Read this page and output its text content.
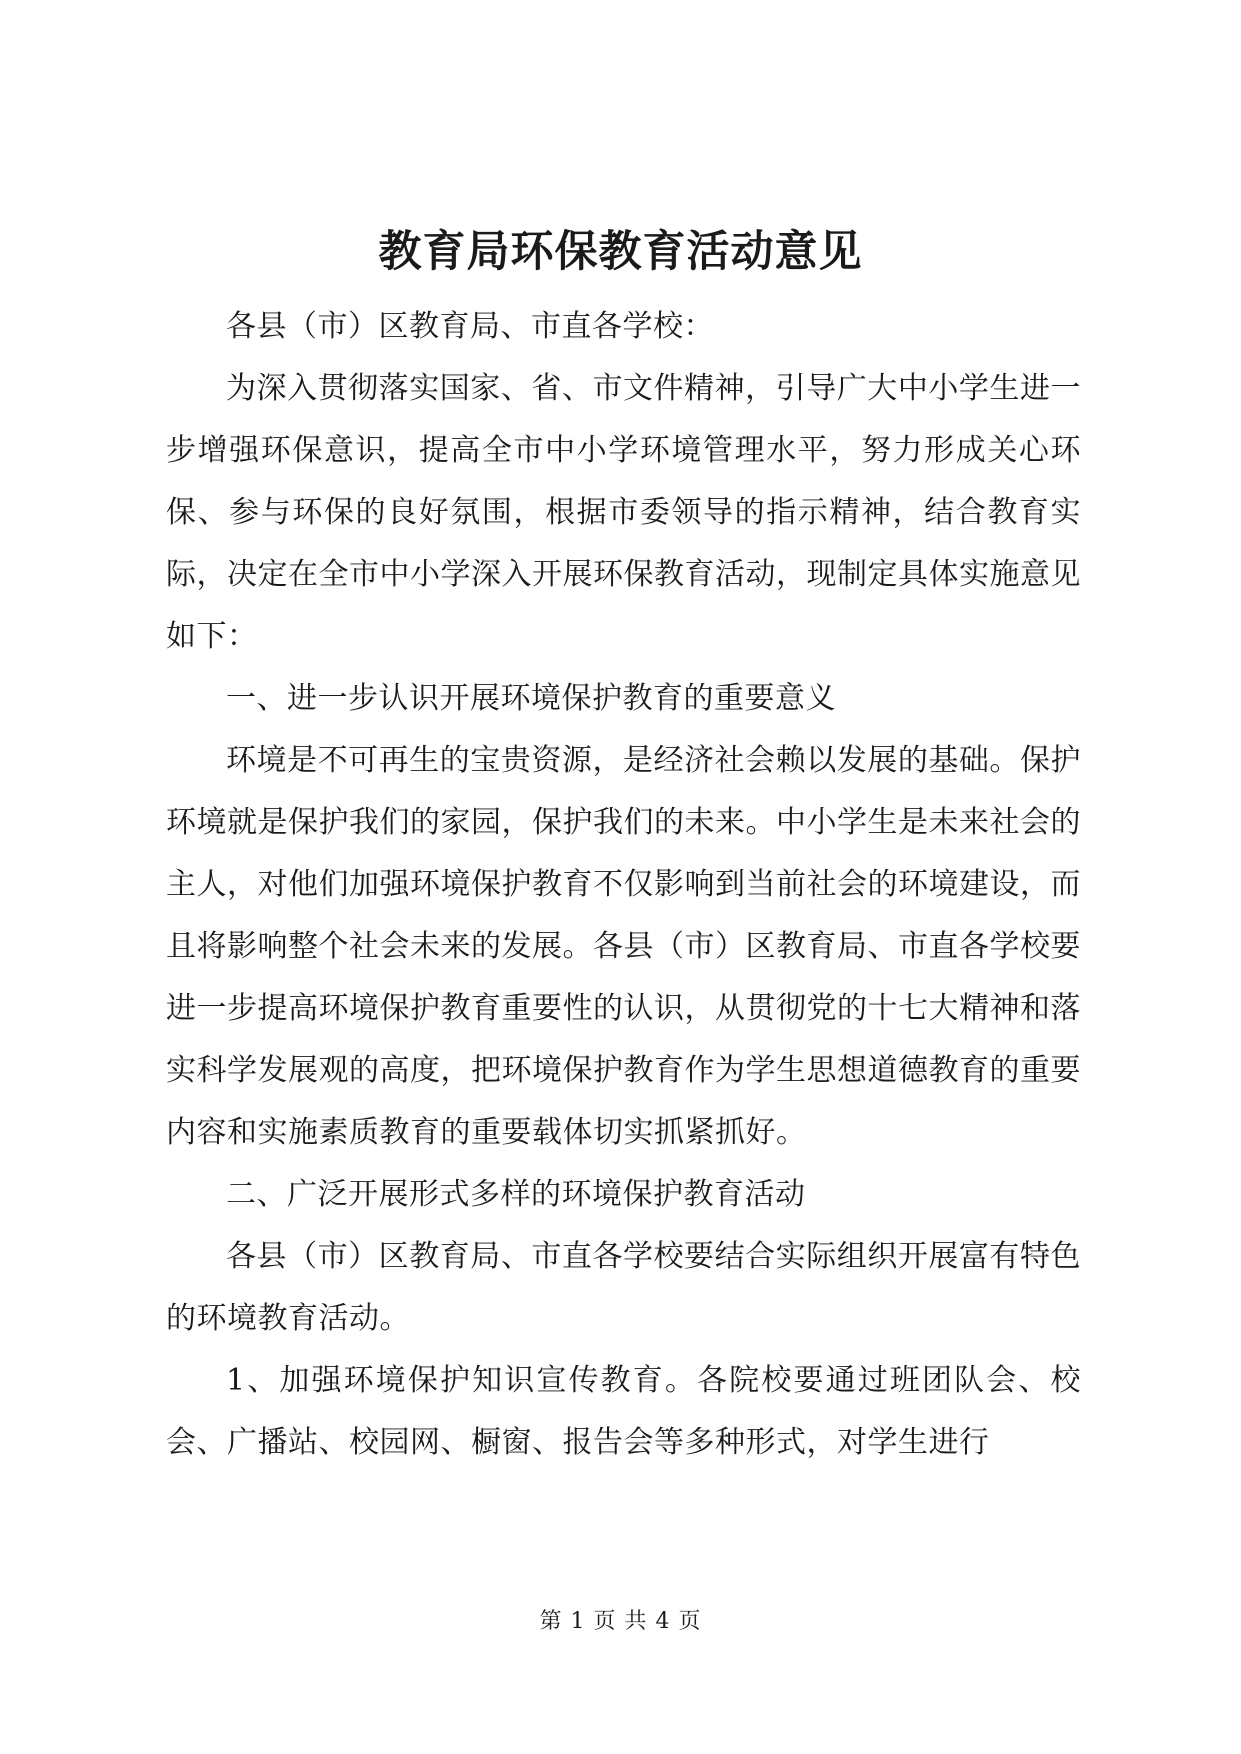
教育局环保教育活动意见

各县（市）区教育局、市直各学校：

为深入贯彻落实国家、省、市文件精神，引导广大中小学生进一步增强环保意识，提高全市中小学环境管理水平，努力形成关心环保、参与环保的良好氛围，根据市委领导的指示精神，结合教育实际，决定在全市中小学深入开展环保教育活动，现制定具体实施意见如下：

一、进一步认识开展环境保护教育的重要意义

环境是不可再生的宝贵资源，是经济社会赖以发展的基础。保护环境就是保护我们的家园，保护我们的未来。中小学生是未来社会的主人，对他们加强环境保护教育不仅影响到当前社会的环境建设，而且将影响整个社会未来的发展。各县（市）区教育局、市直各学校要进一步提高环境保护教育重要性的认识，从贯彻党的十七大精神和落实科学发展观的高度，把环境保护教育作为学生思想道德教育的重要内容和实施素质教育的重要载体切实抓紧抓好。

二、广泛开展形式多样的环境保护教育活动

各县（市）区教育局、市直各学校要结合实际组织开展富有特色的环境教育活动。

1、加强环境保护知识宣传教育。各院校要通过班团队会、校会、广播站、校园网、橱窗、报告会等多种形式，对学生进行

第 1 页 共 4 页
